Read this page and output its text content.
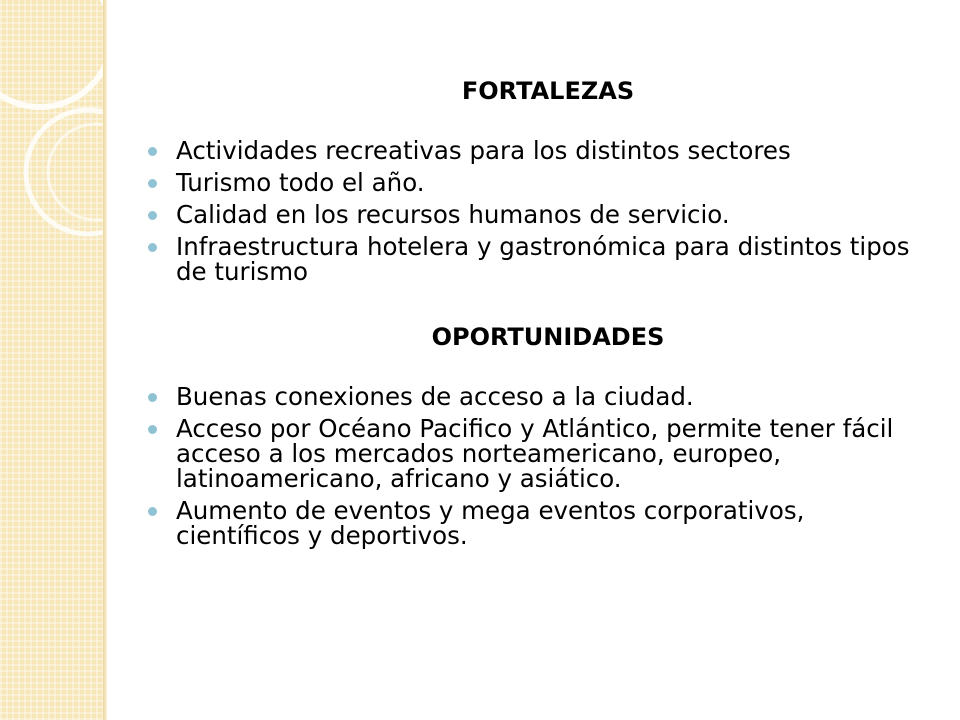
FORTALEZAS
Actividades recreativas para los distintos sectores
Turismo todo el año.
Calidad en los recursos humanos de servicio.
Infraestructura hotelera y gastronómica para distintos tipos de turismo
OPORTUNIDADES
Buenas conexiones de acceso a la ciudad.
Acceso por Océano Pacifico y Atlántico, permite tener fácil acceso a los mercados norteamericano, europeo, latinoamericano, africano y asiático.
Aumento de eventos y mega eventos corporativos, científicos y deportivos.
